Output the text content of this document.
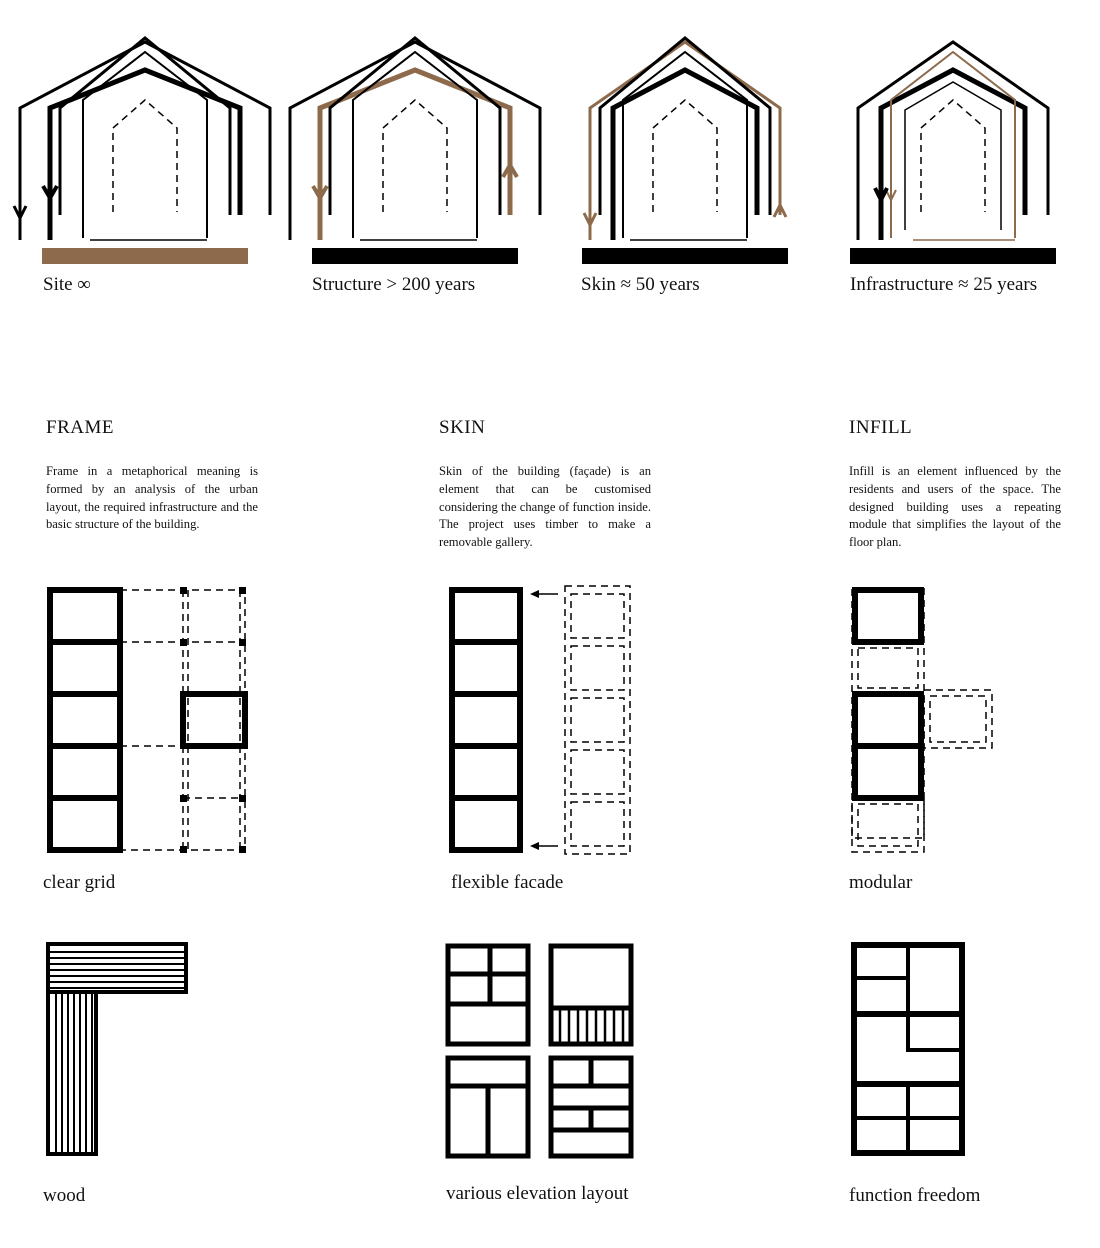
Site ∞	Structure > 200 years	Skin ≈ 50 years	Infrastructure ≈ 25 years
FRAME
Frame in a metaphorical meaning is formed by an analysis of the urban layout, the required infrastructure and the basic structure of the building.
SKIN
Skin of the building (façade) is an element that can be customised considering the change of function inside. The project uses timber to make a removable gallery.
INFILL
Infill is an element influenced by the residents and users of the space. The designed building uses a repeating module that simplifies the layout of the floor plan.
clear grid	flexible facade	modular
wood	various elevation layout	function freedom
